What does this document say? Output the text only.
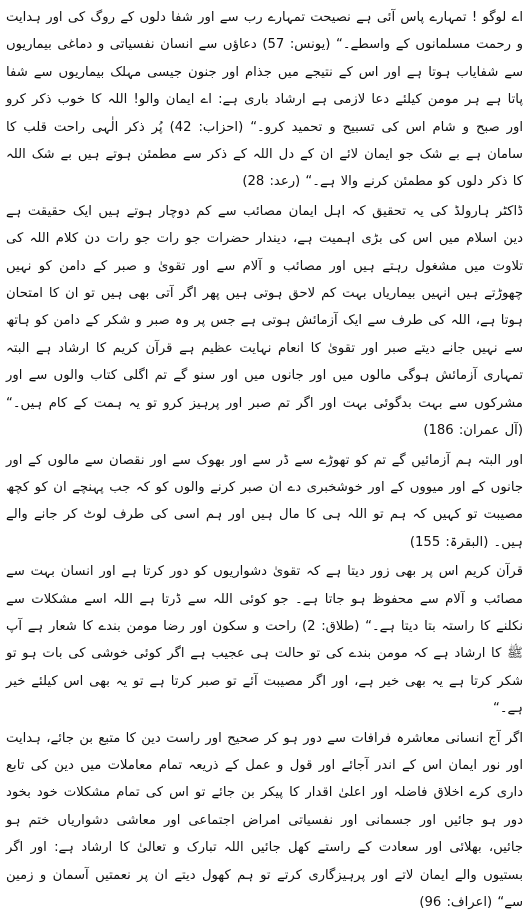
اے لوگو ! تمہارے پاس آئی ہے نصیحت تمہارے رب سے اور شفا دلوں کے روگ کی اور ہدایت و رحمت مسلمانوں کے واسطے۔“ (یونس: 57) دعاؤں سے انسان نفسیاتی و دماغی بیماریوں سے شفایاب ہوتا ہے اور اس کے نتیجے میں جذام اور جنون جیسی مہلک بیماریوں سے شفا پاتا ہے ہر مومن کیلئے دعا لازمی ہے ارشاد باری ہے: اے ایمان والو! اللہ کا خوب ذکر کرو اور صبح و شام اس کی تسبیح و تحمید کرو۔“ (احزاب: 42) پُر ذکر الٰہی راحت قلب کا سامان ہے بے شک جو ایمان لائے ان کے دل اللہ کے ذکر سے مطمئن ہوتے ہیں بے شک اللہ کا ذکر دلوں کو مطمئن کرنے والا ہے۔“ (رعد: 28)

ڈاکٹر ہارولڈ کی یہ تحقیق کہ اہل ایمان مصائب سے کم دوچار ہوتے ہیں ایک حقیقت ہے دین اسلام میں اس کی بڑی اہمیت ہے، دیندار حضرات جو رات جو رات دن کلام اللہ کی تلاوت میں مشغول رہتے ہیں اور مصائب و آلام سے اور تقویٰ و صبر کے دامن کو نہیں چھوڑتے ہیں انہیں بیماریاں بہت کم لاحق ہوتی ہیں پھر اگر آتی بھی ہیں تو ان کا امتحان ہوتا ہے، اللہ کی طرف سے ایک آزمائش ہوتی ہے جس پر وہ صبر و شکر کے دامن کو ہاتھ سے نہیں جانے دیتے صبر اور تقویٰ کا انعام نہایت عظیم ہے قرآن کریم کا ارشاد ہے البتہ تمہاری آزمائش ہوگی مالوں میں اور جانوں میں اور سنو گے تم اگلی کتاب والوں سے اور مشرکوں سے بہت بدگوئی بہت اور اگر تم صبر اور پرہیز کرو تو یہ ہمت کے کام ہیں۔“ (آل عمران: 186)

اور البتہ ہم آزمائیں گے تم کو تھوڑے سے ڈر سے اور بھوک سے اور نقصان سے مالوں کے اور جانوں کے اور میووں کے اور خوشخبری دے ان صبر کرنے والوں کو کہ جب پہنچے ان کو کچھ مصیبت تو کہیں کہ ہم تو اللہ ہی کا مال ہیں اور ہم اسی کی طرف لوٹ کر جانے والے ہیں۔ (البقرۃ: 155)

قرآن کریم اس پر بھی زور دیتا ہے کہ تقویٰ دشواریوں کو دور کرتا ہے اور انسان بہت سے مصائب و آلام سے محفوظ ہو جاتا ہے۔ جو کوئی اللہ سے ڈرتا ہے اللہ اسے مشکلات سے نکلنے کا راستہ بتا دیتا ہے۔“ (طلاق: 2) راحت و سکون اور رضا مومن بندے کا شعار ہے آپ ﷺ کا ارشاد ہے کہ مومن بندے کی تو حالت ہی عجیب ہے اگر کوئی خوشی کی بات ہو تو شکر کرتا ہے یہ بھی خیر ہے، اور اگر مصیبت آئے تو صبر کرتا ہے تو یہ بھی اس کیلئے خیر ہے۔“

اگر آج انسانی معاشرہ فرافات سے دور ہو کر صحیح اور راست دین کا متبع بن جائے، ہدایت اور نور ایمان اس کے اندر آجائے اور قول و عمل کے ذریعہ تمام معاملات میں دین کی تابع داری کرے اخلاق فاضلہ اور اعلیٰ اقدار کا پیکر بن جائے تو اس کی تمام مشکلات خود بخود دور ہو جائیں اور جسمانی اور نفسیاتی امراض اجتماعی اور معاشی دشواریاں ختم ہو جائیں، بھلائی اور سعادت کے راستے کھل جائیں اللہ تبارک و تعالیٰ کا ارشاد ہے: اور اگر بستیوں والے ایمان لاتے اور پرہیزگاری کرتے تو ہم کھول دیتے ان پر نعمتیں آسمان و زمین سے“ (اعراف: 96)
